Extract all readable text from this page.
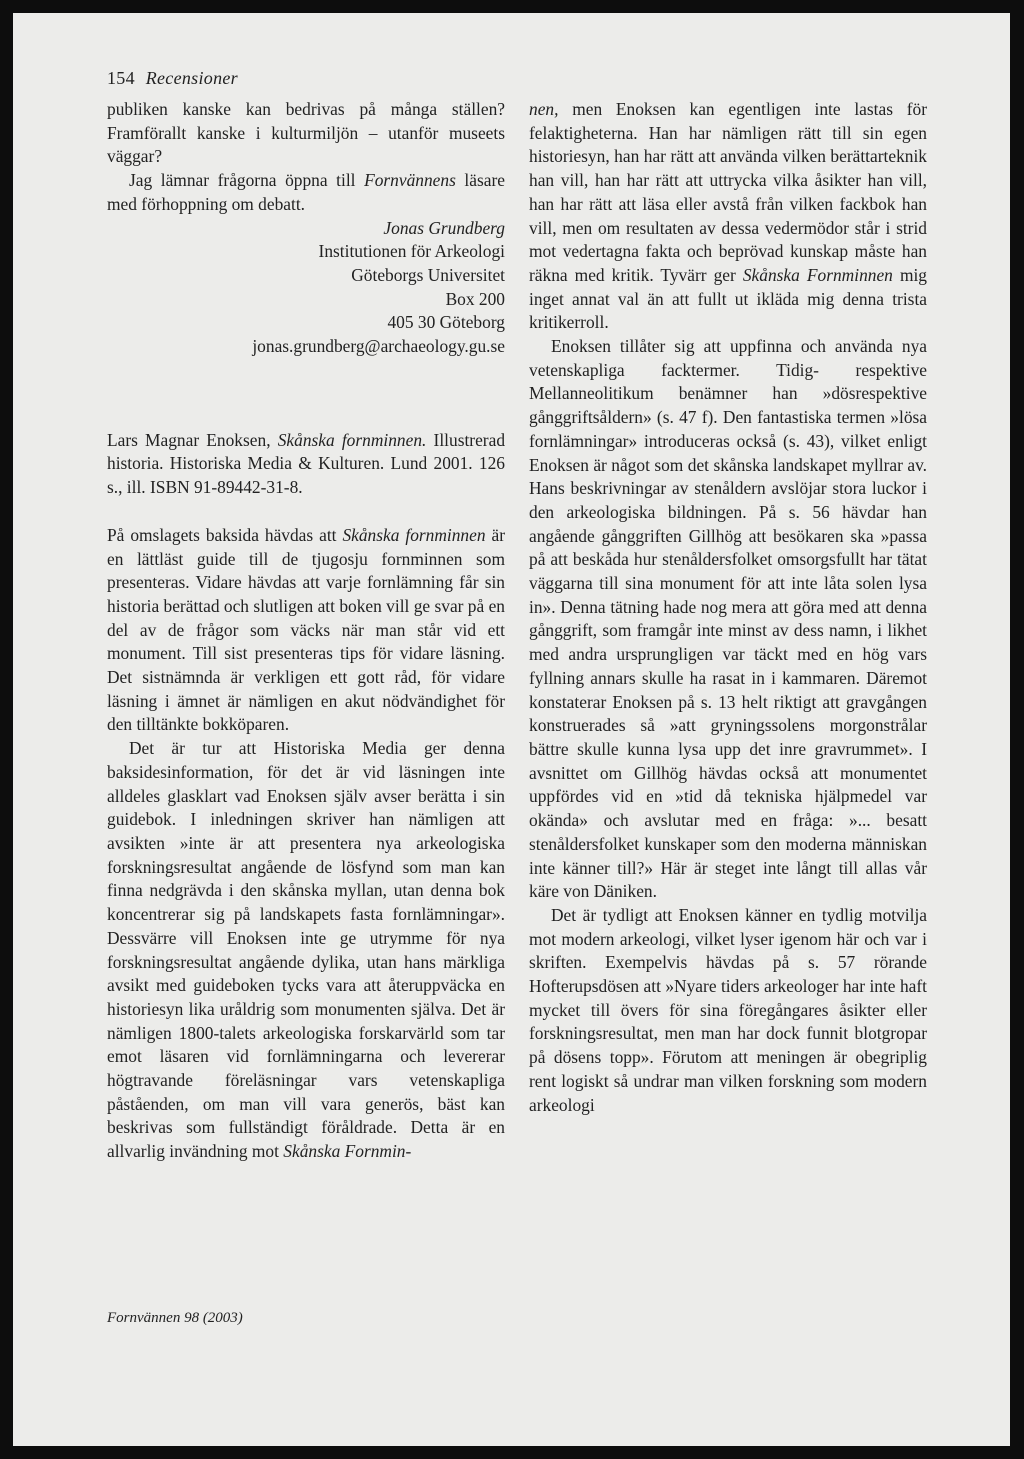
154 Recensioner

publiken kanske kan bedrivas på många ställen? Framförallt kanske i kulturmiljön – utanför museets väggar?

Jag lämnar frågorna öppna till Fornvännens läsare med förhoppning om debatt.

Jonas Grundberg

Institutionen för Arkeologi

Göteborgs Universitet

Box 200

405 30 Göteborg

jonas.grundberg@archaeology.gu.se

Lars Magnar Enoksen, Skånska fornminnen. Illustrerad historia. Historiska Media & Kulturen. Lund 2001. 126 s., ill. ISBN 91-89442-31-8.

På omslagets baksida hävdas att Skånska fornminnen är en lättläst guide till de tjugosju fornminnen som presenteras. Vidare hävdas att varje fornlämning får sin historia berättad och slutligen att boken vill ge svar på en del av de frågor som väcks när man står vid ett monument. Till sist presenteras tips för vidare läsning. Det sistnämnda är verkligen ett gott råd, för vidare läsning i ämnet är nämligen en akut nödvändighet för den tilltänkte bokköparen.

Det är tur att Historiska Media ger denna baksidesinformation, för det är vid läsningen inte alldeles glasklart vad Enoksen själv avser berätta i sin guidebok. I inledningen skriver han nämligen att avsikten »inte är att presentera nya arkeologiska forskningsresultat angående de lösfynd som man kan finna nedgrävda i den skånska myllan, utan denna bok koncentrerar sig på landskapets fasta fornlämningar». Dessvärre vill Enoksen inte ge utrymme för nya forskningsresultat angående dylika, utan hans märkliga avsikt med guideboken tycks vara att återuppväcka en historiesyn lika uråldrig som monumenten själva. Det är nämligen 1800-talets arkeologiska forskarvärld som tar emot läsaren vid fornlämningarna och levererar högtravande föreläsningar vars vetenskapliga påståenden, om man vill vara generös, bäst kan beskrivas som fullständigt föråldrade. Detta är en allvarlig invändning mot Skånska Fornmin-

nen, men Enoksen kan egentligen inte lastas för felaktigheterna. Han har nämligen rätt till sin egen historiesyn, han har rätt att använda vilken berättarteknik han vill, han har rätt att uttrycka vilka åsikter han vill, han har rätt att läsa eller avstå från vilken fackbok han vill, men om resultaten av dessa vedermödor står i strid mot vedertagna fakta och beprövad kunskap måste han räkna med kritik. Tyvärr ger Skånska Fornminnen mig inget annat val än att fullt ut ikläda mig denna trista kritikerroll.

Enoksen tillåter sig att uppfinna och använda nya vetenskapliga facktermer. Tidig- respektive Mellanneolitikum benämner han »dösrespektive gånggriftsåldern» (s. 47 f). Den fantastiska termen »lösa fornlämningar» introduceras också (s. 43), vilket enligt Enoksen är något som det skånska landskapet myllrar av. Hans beskrivningar av stenåldern avslöjar stora luckor i den arkeologiska bildningen. På s. 56 hävdar han angående gånggriften Gillhög att besökaren ska »passa på att beskåda hur stenåldersfolket omsorgsfullt har tätat väggarna till sina monument för att inte låta solen lysa in». Denna tätning hade nog mera att göra med att denna gånggrift, som framgår inte minst av dess namn, i likhet med andra ursprungligen var täckt med en hög vars fyllning annars skulle ha rasat in i kammaren. Däremot konstaterar Enoksen på s. 13 helt riktigt att gravgången konstruerades så »att gryningssolens morgonstrålar bättre skulle kunna lysa upp det inre gravrummet». I avsnittet om Gillhög hävdas också att monumentet uppfördes vid en »tid då tekniska hjälpmedel var okända» och avslutar med en fråga: »... besatt stenåldersfolket kunskaper som den moderna människan inte känner till?» Här är steget inte långt till allas vår käre von Däniken.

Det är tydligt att Enoksen känner en tydlig motvilja mot modern arkeologi, vilket lyser igenom här och var i skriften. Exempelvis hävdas på s. 57 rörande Hofterupsdösen att »Nyare tiders arkeologer har inte haft mycket till övers för sina föregångares åsikter eller forskningsresultat, men man har dock funnit blotgropar på dösens topp». Förutom att meningen är obegriplig rent logiskt så undrar man vilken forskning som modern arkeologi

Fornvännen 98 (2003)
